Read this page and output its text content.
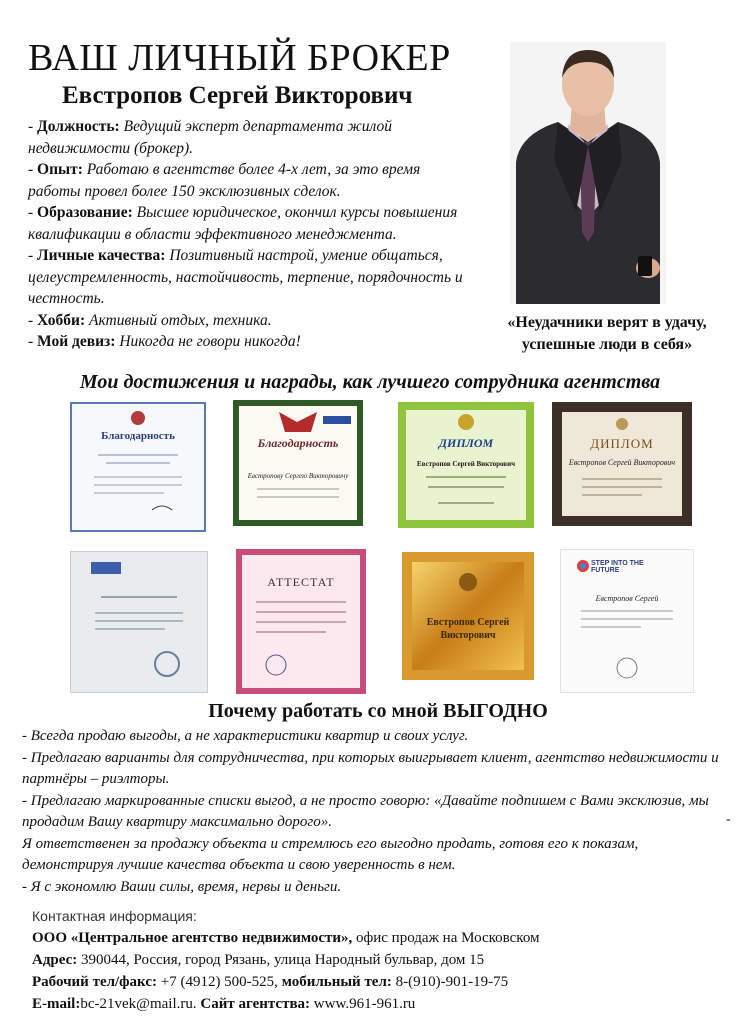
ВАШ ЛИЧНЫЙ БРОКЕР
Евстропов Сергей Викторович

- Должность: Ведущий эксперт департамента жилой недвижимости (брокер).

- Опыт: Работаю в агентстве более 4-х лет, за это время работы провел более 150 эксклюзивных сделок.

- Образование: Высшее юридическое, окончил курсы повышения квалификации в области эффективного менеджмента.

- Личные качества: Позитивный настрой, умение общаться, целеустремленность, настойчивость, терпение, порядочность и честность.

- Хобби: Активный отдых, техника.

- Мой девиз: Никогда не говори никогда!

«Неудачники верят в удачу,
успешные люди в себя»
Мои достижения и награды, как лучшего сотрудника агентства
Благодарность	Благодарность
Евстропову Сергею Викторовичу
ДИПЛОМ
Евстропов Сергей Викторович
ДИПЛОМ
Евстропов Сергей Викторович
АТТЕСТАТ
Евстропов Сергей Викторович
STEP INTO THE FUTURE
Евстропов Сергей
Почему работать со мной ВЫГОДНО

- Всегда продаю выгоды, а не характеристики квартир и своих услуг.

- Предлагаю варианты для сотрудничества, при которых выигрывает клиент, агентство недвижимости и партнёры – риэлторы.

- Предлагаю маркированные списки выгод, а не просто говорю: «Давайте подпишем с Вами эксклюзив, мы продадим Вашу квартиру максимально дорого».

Я ответственен за продажу объекта и стремлюсь его выгодно продать, готовя его к показам, демонстрируя лучшие качества объекта и свою уверенность в нем.

- Я с экономлю Ваши силы, время, нервы и деньги.

-

Контактная информация:

ООО «Центральное агентство недвижимости», офис продаж на Московском

Адрес: 390044, Россия, город Рязань, улица Народный бульвар, дом 15

Рабочий тел/факс: +7 (4912) 500-525, мобильный тел: 8-(910)-901-19-75

E-mail:bc-21vek@mail.ru. Сайт агентства: www.961-961.ru
